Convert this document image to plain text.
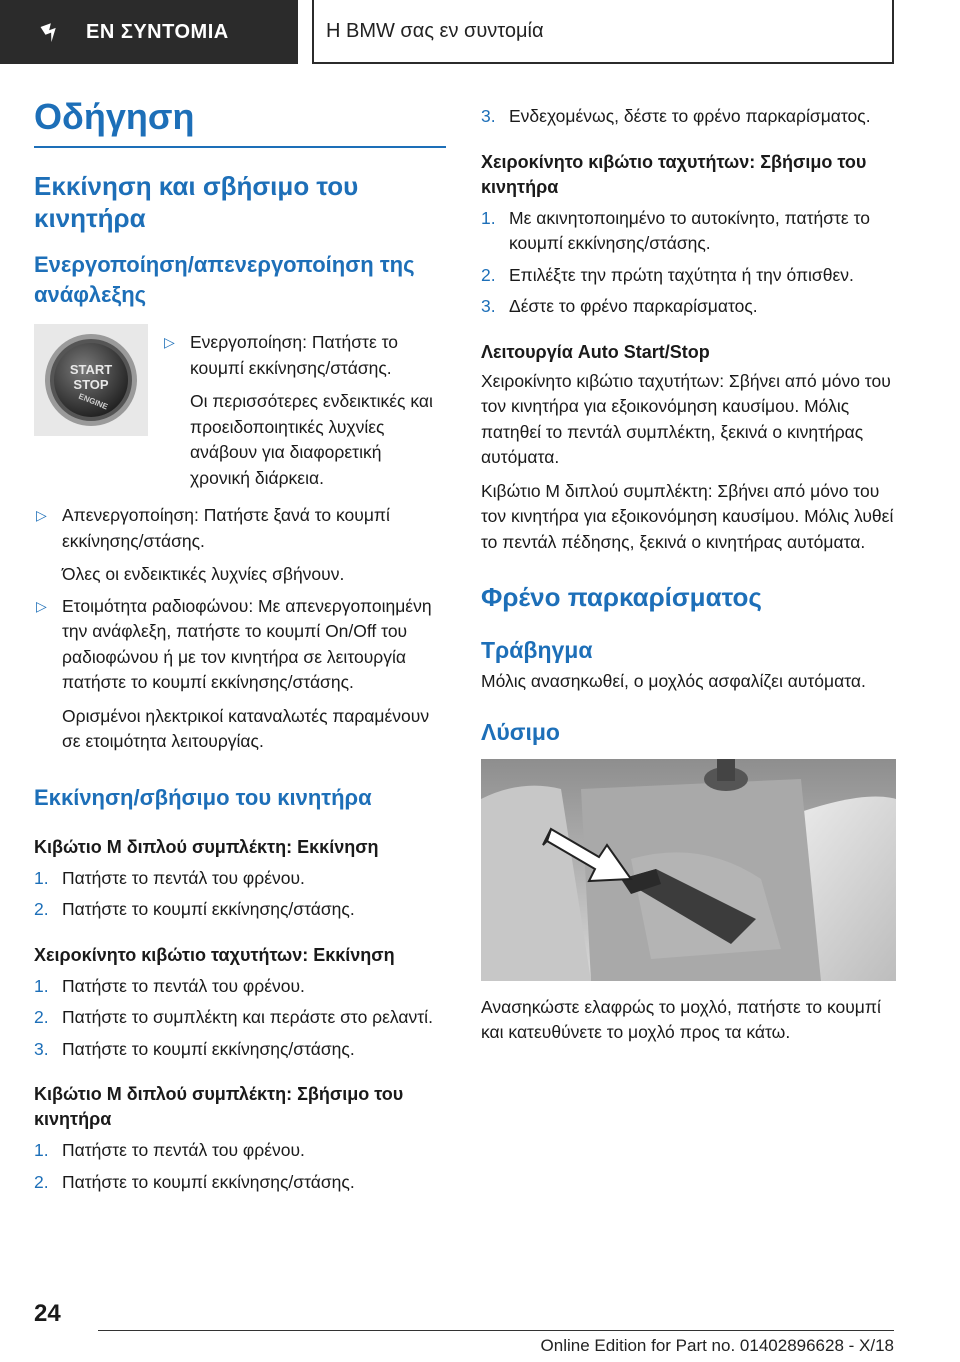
ΕΝ ΣΥΝΤΟΜΙΑ	Η BMW σας εν συντομία
Οδήγηση
Εκκίνηση και σβήσιμο του κινητήρα
Ενεργοποίηση/απενεργοποίηση της ανάφλεξης
START
STOP
ENGINE
▷ Ενεργοποίηση: Πατήστε το κουμπί εκκίνησης/στάσης.
Οι περισσότερες ενδεικτικές και προειδοποιητικές λυχνίες ανάβουν για διαφορετική χρονική διάρκεια.
▷ Απενεργοποίηση: Πατήστε ξανά το κουμπί εκκίνησης/στάσης.
Όλες οι ενδεικτικές λυχνίες σβήνουν.
▷ Ετοιμότητα ραδιοφώνου: Με απενεργοποιημένη την ανάφλεξη, πατήστε το κουμπί On/Off του ραδιοφώνου ή με τον κινητήρα σε λειτουργία πατήστε το κουμπί εκκίνησης/στάσης.
Ορισμένοι ηλεκτρικοί καταναλωτές παραμένουν σε ετοιμότητα λειτουργίας.
Εκκίνηση/σβήσιμο του κινητήρα
Κιβώτιο M διπλού συμπλέκτη: Εκκίνηση
1. Πατήστε το πεντάλ του φρένου.
2. Πατήστε το κουμπί εκκίνησης/στάσης.
Χειροκίνητο κιβώτιο ταχυτήτων: Εκκίνηση
1. Πατήστε το πεντάλ του φρένου.
2. Πατήστε το συμπλέκτη και περάστε στο ρελαντί.
3. Πατήστε το κουμπί εκκίνησης/στάσης.
Κιβώτιο M διπλού συμπλέκτη: Σβήσιμο του κινητήρα
1. Πατήστε το πεντάλ του φρένου.
2. Πατήστε το κουμπί εκκίνησης/στάσης.
3. Ενδεχομένως, δέστε το φρένο παρκαρίσματος.
Χειροκίνητο κιβώτιο ταχυτήτων: Σβήσιμο του κινητήρα
1. Με ακινητοποιημένο το αυτοκίνητο, πατήστε το κουμπί εκκίνησης/στάσης.
2. Επιλέξτε την πρώτη ταχύτητα ή την όπισθεν.
3. Δέστε το φρένο παρκαρίσματος.
Λειτουργία Auto Start/Stop

Χειροκίνητο κιβώτιο ταχυτήτων: Σβήνει από μόνο του τον κινητήρα για εξοικονόμηση καυσίμου. Μόλις πατηθεί το πεντάλ συμπλέκτη, ξεκινά ο κινητήρας αυτόματα.

Κιβώτιο M διπλού συμπλέκτη: Σβήνει από μόνο του τον κινητήρα για εξοικονόμηση καυσίμου. Μόλις λυθεί το πεντάλ πέδησης, ξεκινά ο κινητήρας αυτόματα.

Φρένο παρκαρίσματος
Τράβηγμα

Μόλις ανασηκωθεί, ο μοχλός ασφαλίζει αυτόματα.

Λύσιμο

Ανασηκώστε ελαφρώς το μοχλό, πατήστε το κουμπί και κατευθύνετε το μοχλό προς τα κάτω.

24
Online Edition for Part no. 01402896628 - X/18
